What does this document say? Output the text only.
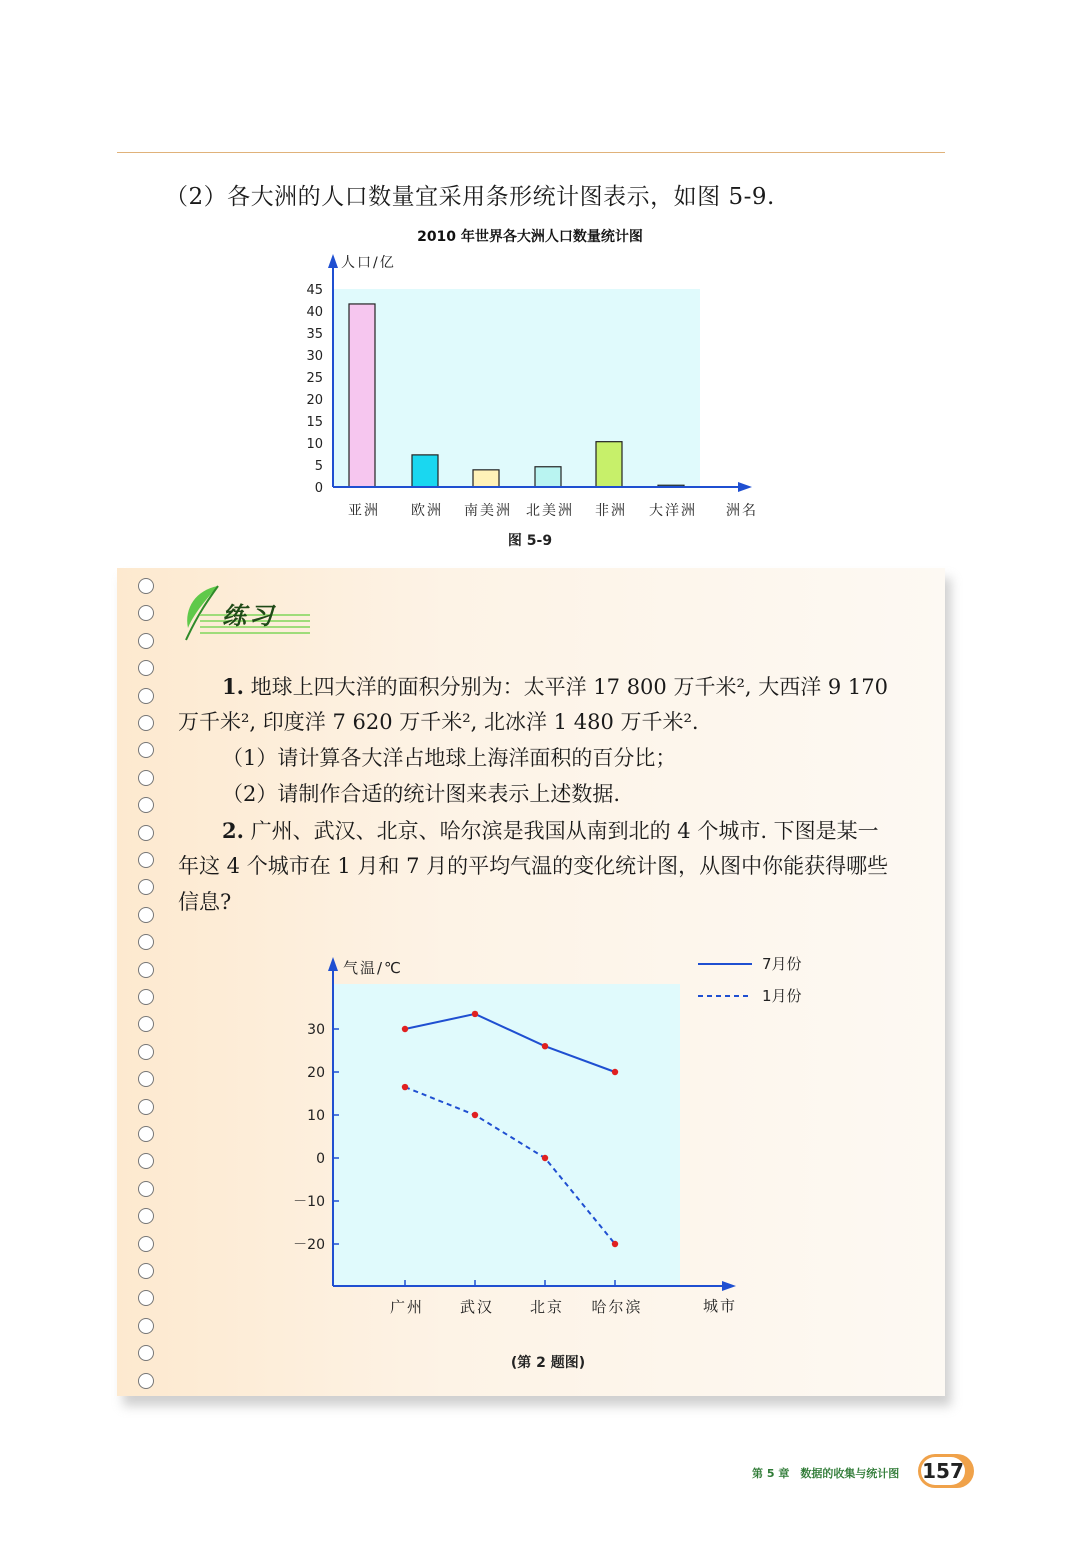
（2）各大洲的人口数量宜采用条形统计图表示，如图 5-9.
2010 年世界各大洲人口数量统计图
0
5
10
15
20
25
30
35
40
45
亚洲 欧洲 南美洲 北美洲 非洲 大洋洲
人口/亿
洲名
图 5-9
练习
1. 地球上四大洋的面积分别为：太平洋 17 800 万千米², 大西洋 9 170
万千米², 印度洋 7 620 万千米², 北冰洋 1 480 万千米².
（1）请计算各大洋占地球上海洋面积的百分比；
（2）请制作合适的统计图来表示上述数据.
2. 广州、武汉、北京、哈尔滨是我国从南到北的 4 个城市. 下图是某一
年这 4 个城市在 1 月和 7 月的平均气温的变化统计图，从图中你能获得哪些
信息?
30
20
10
0
－10
－20
广州 武汉 北京 哈尔滨
气温/℃
城市
7月份
1月份
(第 2 题图)
第 5 章　数据的收集与统计图 157
